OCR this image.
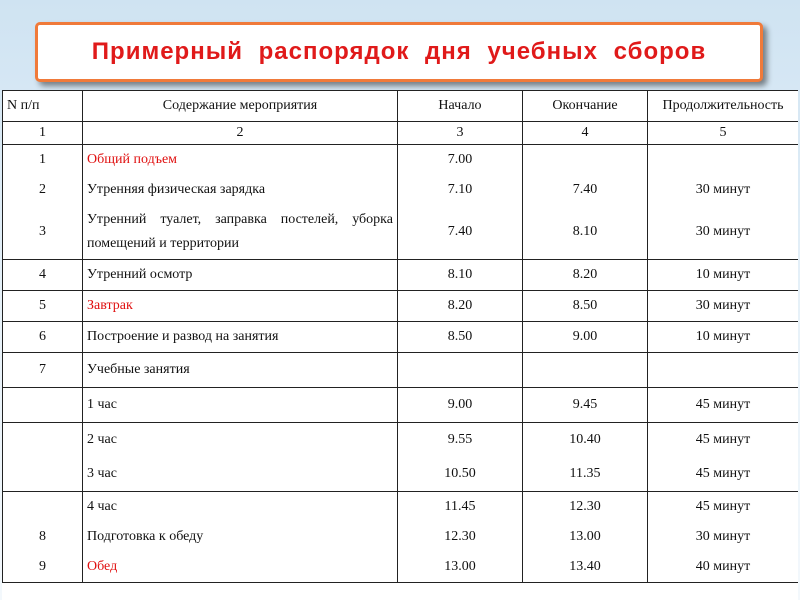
Примерный распорядок дня учебных сборов
N п/п	Содержание мероприятия	Начало	Окончание	Продолжительность
1	2	3	4	5
1	Общий подъем	7.00		
2	Утренняя физическая зарядка	7.10	7.40	30 минут
3	Утренний туалет, заправка постелей, уборка помещений и территории	7.40	8.10	30 минут
4	Утренний осмотр	8.10	8.20	10 минут
5	Завтрак	8.20	8.50	30 минут
6	Построение и развод на занятия	8.50	9.00	10 минут
7	Учебные занятия			
	1 час	9.00	9.45	45 минут
	2 час	9.55	10.40	45 минут
	3 час	10.50	11.35	45 минут
	4 час	11.45	12.30	45 минут
8	Подготовка к обеду	12.30	13.00	30 минут
9	Обед	13.00	13.40	40 минут
